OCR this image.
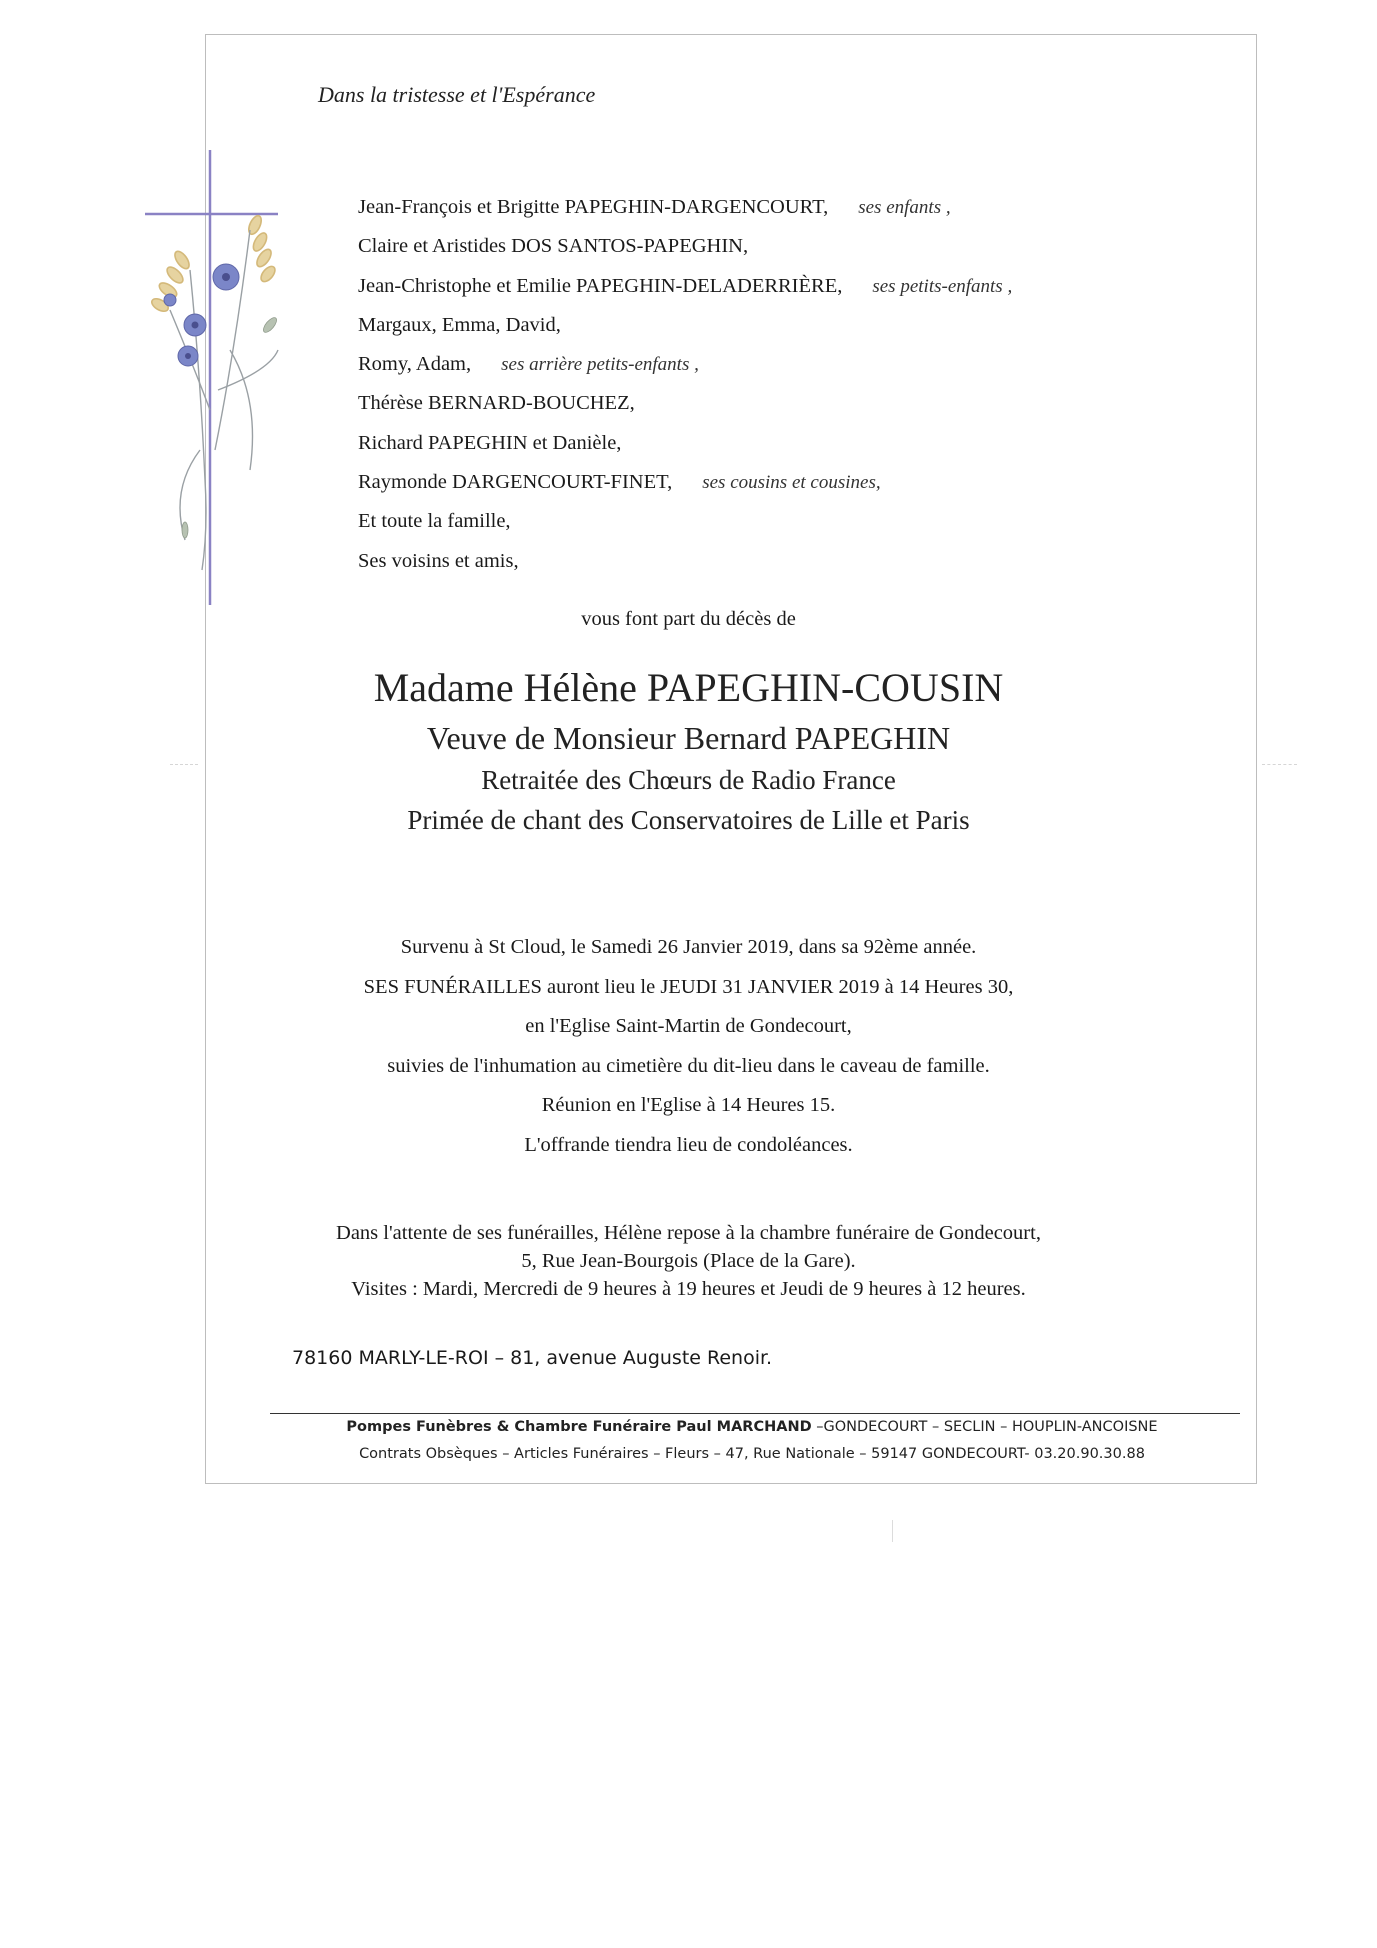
Dans la tristesse et l'Espérance
Jean-François et Brigitte PAPEGHIN-DARGENCOURT, ses enfants ,
Claire et Aristides DOS SANTOS-PAPEGHIN,
Jean-Christophe et Emilie PAPEGHIN-DELADERRIÈRE, ses petits-enfants ,
Margaux, Emma, David,
Romy, Adam, ses arrière petits-enfants ,
Thérèse BERNARD-BOUCHEZ,
Richard PAPEGHIN et Danièle,
Raymonde DARGENCOURT-FINET, ses cousins et cousines,
Et toute la famille,
Ses voisins et amis,
vous font part du décès de
Madame Hélène PAPEGHIN-COUSIN
Veuve de Monsieur Bernard PAPEGHIN
Retraitée des Chœurs de Radio France
Primée de chant des Conservatoires de Lille et Paris
Survenu à St Cloud, le Samedi 26 Janvier 2019, dans sa 92ème année.
SES FUNÉRAILLES auront lieu le JEUDI 31 JANVIER 2019 à 14 Heures 30,
en l'Eglise Saint-Martin de Gondecourt,
suivies de l'inhumation au cimetière du dit-lieu dans le caveau de famille.
Réunion en l'Eglise à 14 Heures 15.
L'offrande tiendra lieu de condoléances.
Dans l'attente de ses funérailles, Hélène repose à la chambre funéraire de Gondecourt,
5, Rue Jean-Bourgois (Place de la Gare).
Visites : Mardi, Mercredi de 9 heures à 19 heures et Jeudi de 9 heures à 12 heures.
78160 MARLY-LE-ROI – 81, avenue Auguste Renoir.
Pompes Funèbres & Chambre Funéraire Paul MARCHAND –GONDECOURT – SECLIN – HOUPLIN-ANCOISNE
Contrats Obsèques – Articles Funéraires – Fleurs – 47, Rue Nationale – 59147 GONDECOURT- 03.20.90.30.88
